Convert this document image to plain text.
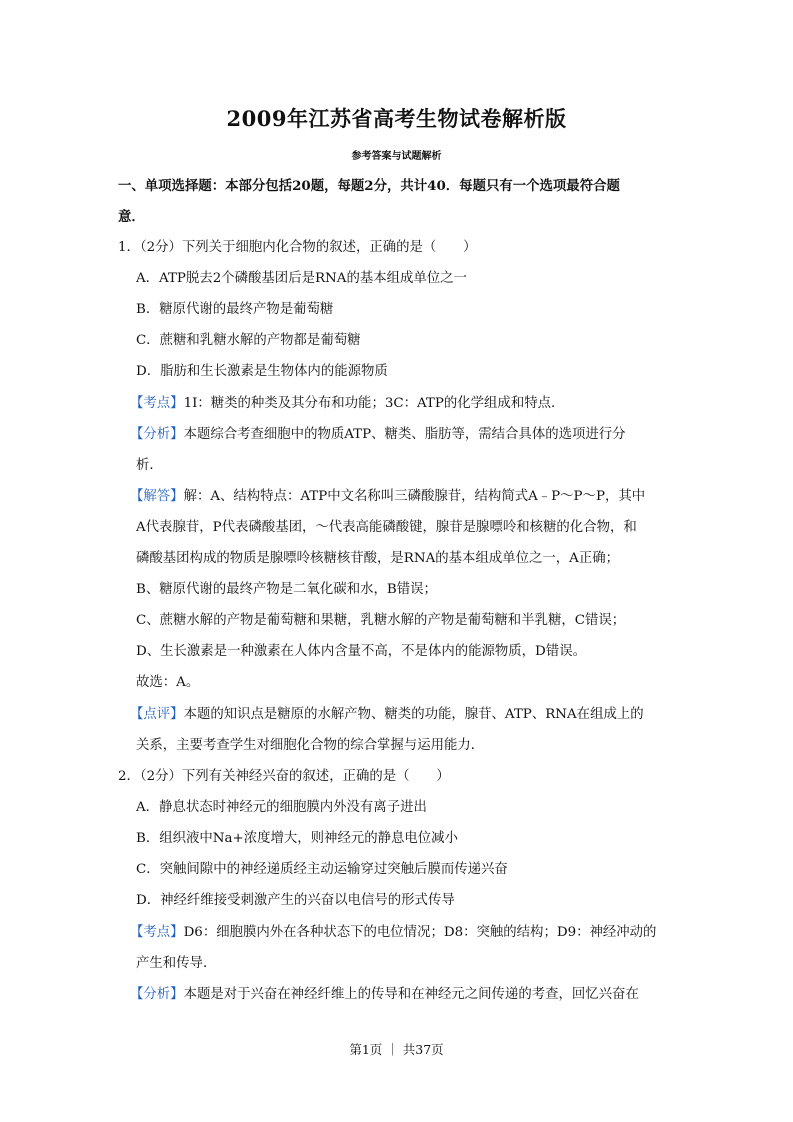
2009年江苏省高考生物试卷解析版
参考答案与试题解析
一、单项选择题：本部分包括20题，每题2分，共计40．每题只有一个选项最符合题
意．
1．（2分）下列关于细胞内化合物的叙述，正确的是（　　）
A．ATP脱去2个磷酸基团后是RNA的基本组成单位之一
B．糖原代谢的最终产物是葡萄糖
C．蔗糖和乳糖水解的产物都是葡萄糖
D．脂肪和生长激素是生物体内的能源物质
【考点】1I：糖类的种类及其分布和功能；3C：ATP的化学组成和特点．
【分析】本题综合考查细胞中的物质ATP、糖类、脂肪等，需结合具体的选项进行分
析．
【解答】解：A、结构特点：ATP中文名称叫三磷酸腺苷，结构简式A﹣P～P～P，其中
A代表腺苷，P代表磷酸基团，～代表高能磷酸键，腺苷是腺嘌呤和核糖的化合物，和
磷酸基团构成的物质是腺嘌呤核糖核苷酸，是RNA的基本组成单位之一，A正确；
B、糖原代谢的最终产物是二氧化碳和水，B错误；
C、蔗糖水解的产物是葡萄糖和果糖，乳糖水解的产物是葡萄糖和半乳糖，C错误；
D、生长激素是一种激素在人体内含量不高，不是体内的能源物质，D错误。
故选：A。
【点评】本题的知识点是糖原的水解产物、糖类的功能，腺苷、ATP、RNA在组成上的
关系，主要考查学生对细胞化合物的综合掌握与运用能力．
2．（2分）下列有关神经兴奋的叙述，正确的是（　　）
A．静息状态时神经元的细胞膜内外没有离子进出
B．组织液中Na+浓度增大，则神经元的静息电位减小
C．突触间隙中的神经递质经主动运输穿过突触后膜而传递兴奋
D．神经纤维接受刺激产生的兴奋以电信号的形式传导
【考点】D6：细胞膜内外在各种状态下的电位情况；D8：突触的结构；D9：神经冲动的
产生和传导．
【分析】本题是对于兴奋在神经纤维上的传导和在神经元之间传递的考查，回忆兴奋在
第1页 ｜ 共37页
